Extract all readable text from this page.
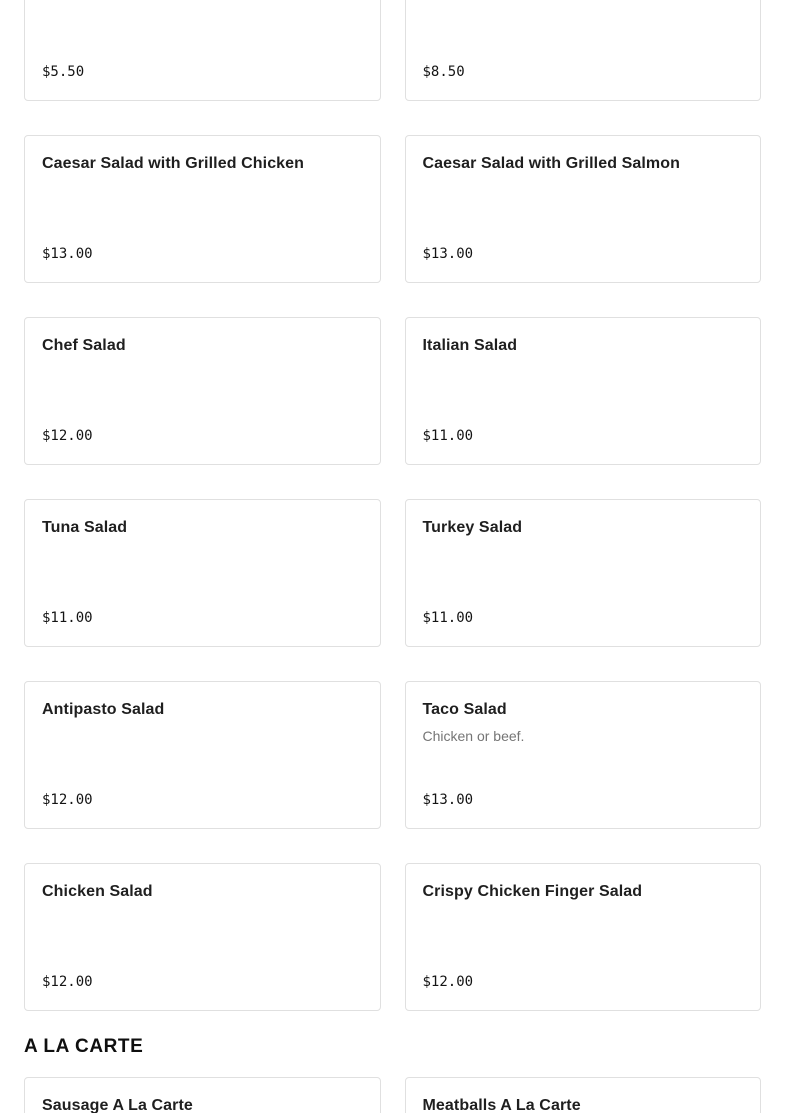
$5.50	$8.50
Caesar Salad with Grilled Chicken
$13.00
Caesar Salad with Grilled Salmon
$13.00
Chef Salad
$12.00
Italian Salad
$11.00
Tuna Salad
$11.00
Turkey Salad
$11.00
Antipasto Salad
$12.00
Taco Salad
Chicken or beef.
$13.00
Chicken Salad
$12.00
Crispy Chicken Finger Salad
$12.00
A LA CARTE
Sausage A La Carte	Meatballs A La Carte
